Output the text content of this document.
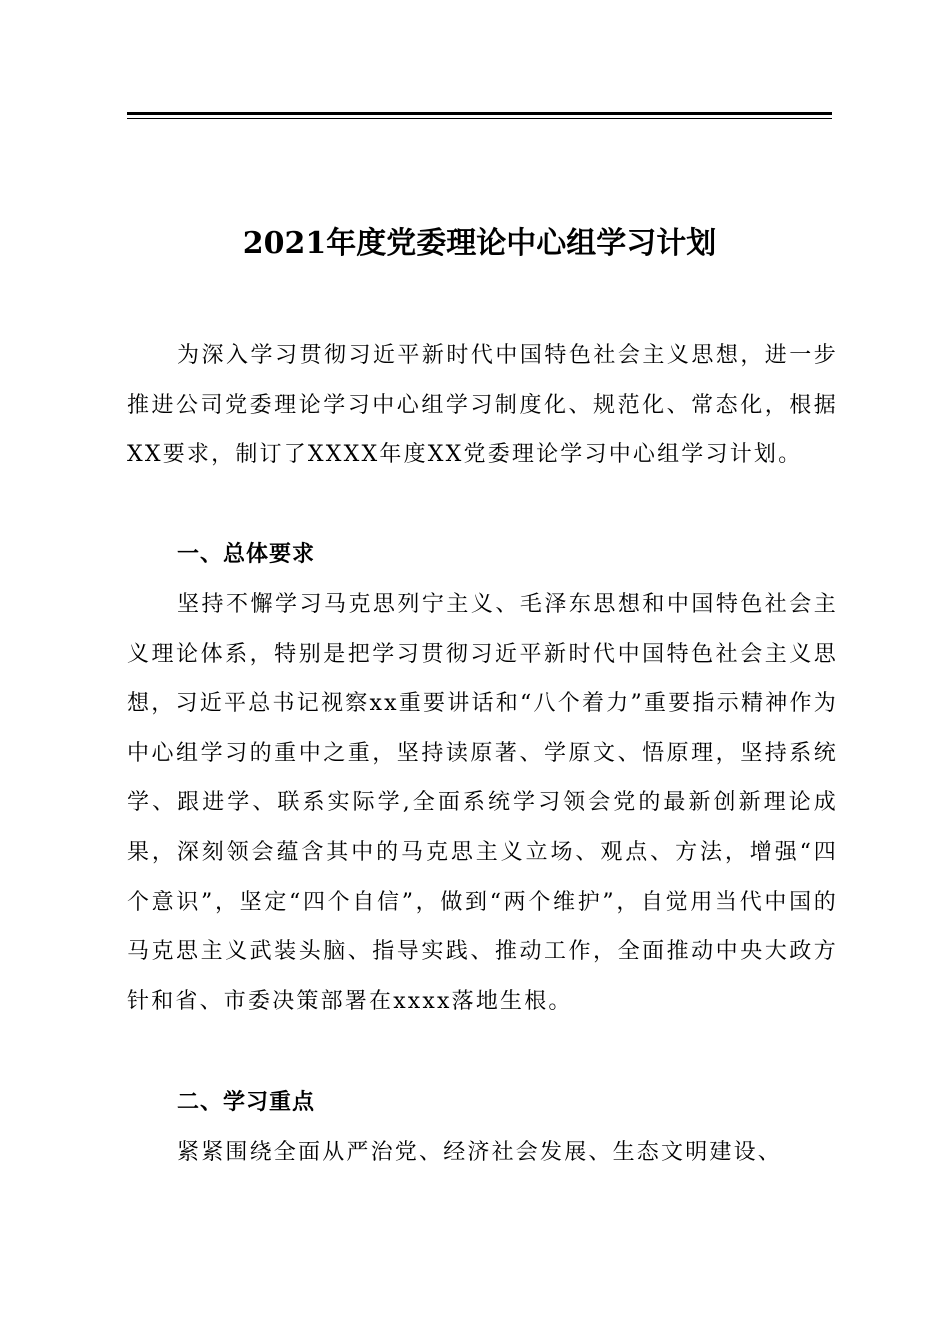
2021年度党委理论中心组学习计划

为深入学习贯彻习近平新时代中国特色社会主义思想，进一步推进公司党委理论学习中心组学习制度化、规范化、常态化，根据XX要求，制订了XXXX年度XX党委理论学习中心组学习计划。

一、总体要求

坚持不懈学习马克思列宁主义、毛泽东思想和中国特色社会主义理论体系，特别是把学习贯彻习近平新时代中国特色社会主义思想，习近平总书记视察xx重要讲话和“八个着力”重要指示精神作为中心组学习的重中之重，坚持读原著、学原文、悟原理，坚持系统学、跟进学、联系实际学,全面系统学习领会党的最新创新理论成果，深刻领会蕴含其中的马克思主义立场、观点、方法，增强“四个意识”，坚定“四个自信”，做到“两个维护”，自觉用当代中国的马克思主义武装头脑、指导实践、推动工作，全面推动中央大政方针和省、市委决策部署在xxxx落地生根。

二、学习重点

紧紧围绕全面从严治党、经济社会发展、生态文明建设、
